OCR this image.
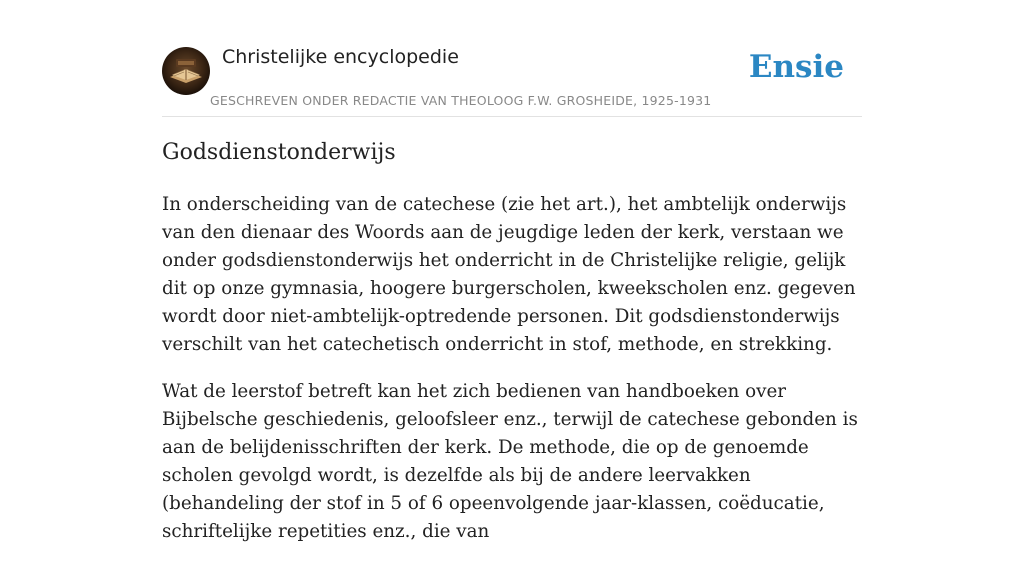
Christelijke encyclopedie
GESCHREVEN ONDER REDACTIE VAN THEOLOOG F.W. GROSHEIDE, 1925-1931
Ensie
Godsdienstonderwijs

In onderscheiding van de catechese (zie het art.), het ambtelijk onderwijs van den dienaar des Woords aan de jeugdige leden der kerk, verstaan we onder godsdienstonderwijs het onderricht in de Christelijke religie, gelijk dit op onze gymnasia, hoogere burgerscholen, kweekscholen enz. gegeven wordt door niet-ambtelijk-optredende personen. Dit godsdienstonderwijs verschilt van het catechetisch onderricht in stof, methode, en strekking.

Wat de leerstof betreft kan het zich bedienen van handboeken over Bijbelsche geschiedenis, geloofsleer enz., terwijl de catechese gebonden is aan de belijdenisschriften der kerk. De methode, die op de genoemde scholen gevolgd wordt, is dezelfde als bij de andere leervakken (behandeling der stof in 5 of 6 opeenvolgende jaar-klassen, coëducatie, schriftelijke repetities enz., die van
